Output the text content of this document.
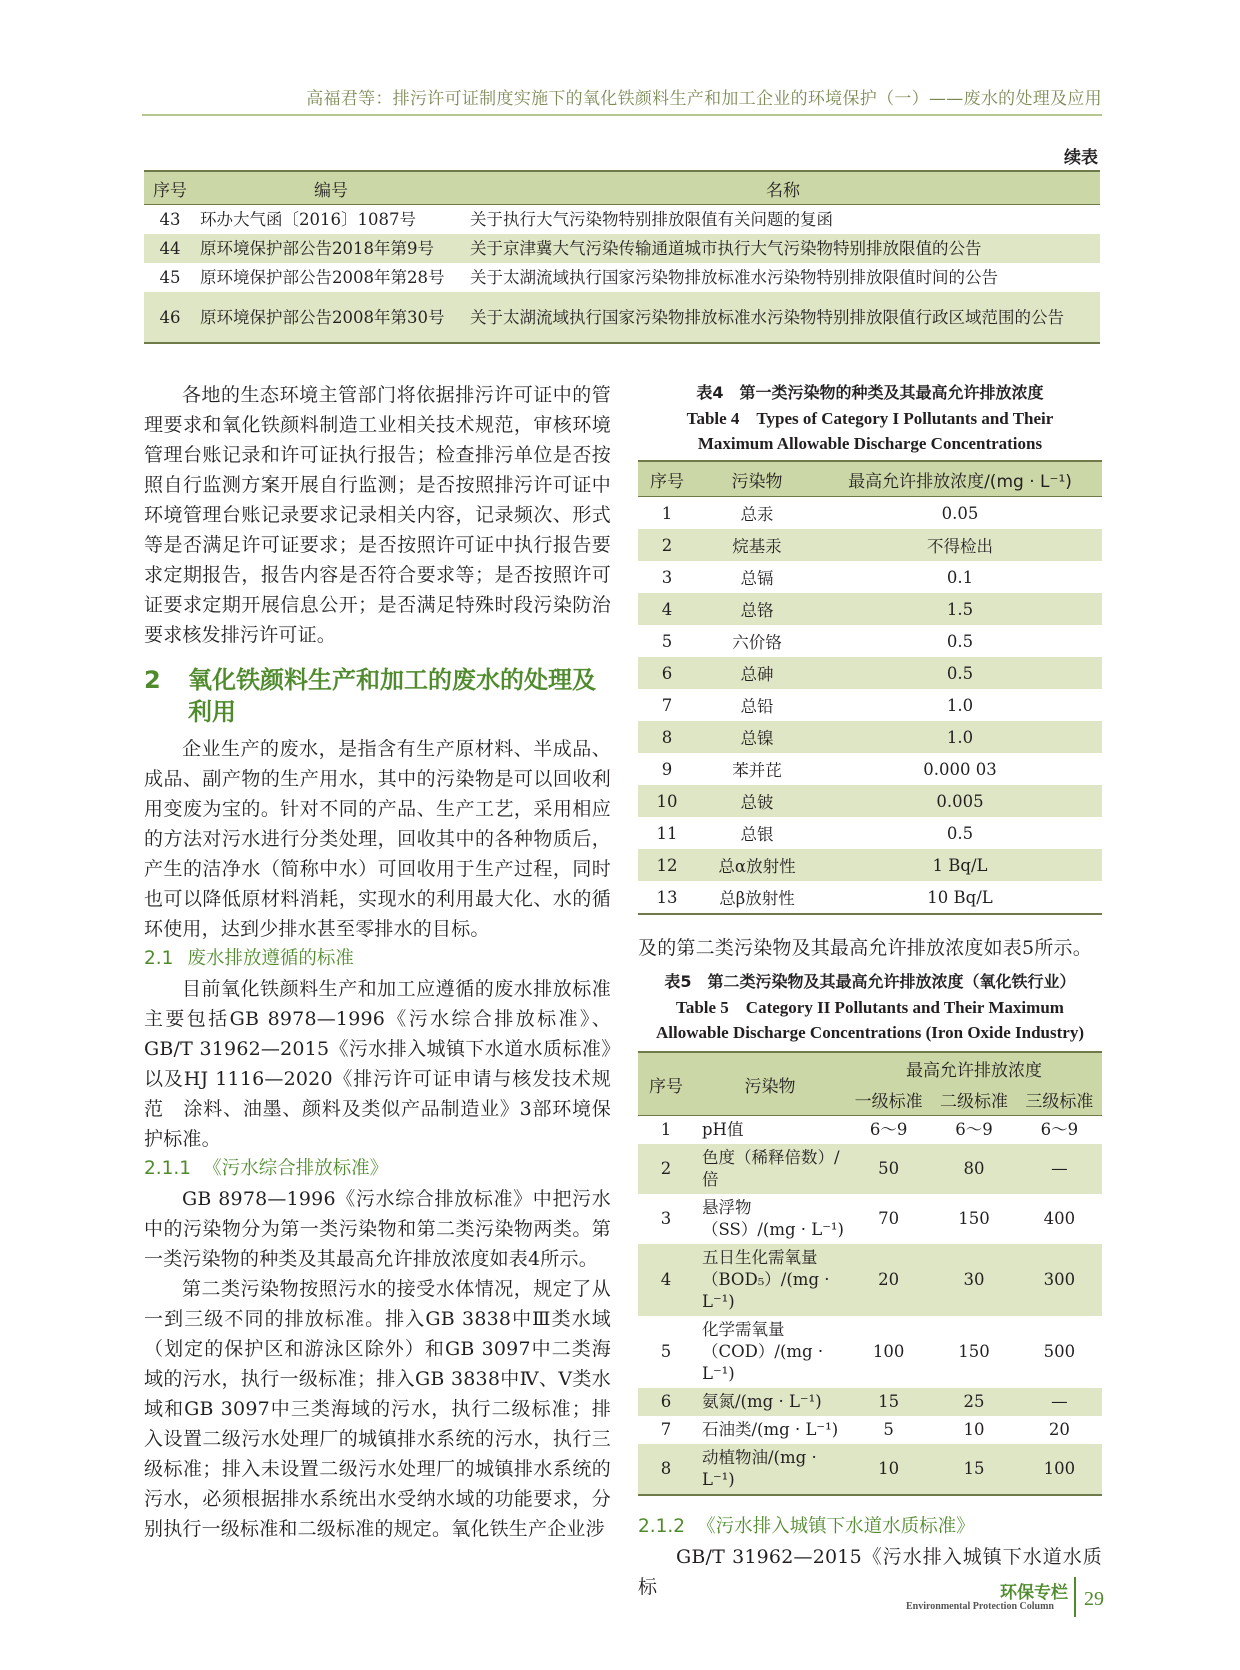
高福君等：排污许可证制度实施下的氧化铁颜料生产和加工企业的环境保护（一）——废水的处理及应用
续表
序号	编号	名称
43	环办大气函〔2016〕1087号	关于执行大气污染物特别排放限值有关问题的复函
44	原环境保护部公告2018年第9号	关于京津冀大气污染传输通道城市执行大气污染物特别排放限值的公告
45	原环境保护部公告2008年第28号	关于太湖流域执行国家污染物排放标准水污染物特别排放限值时间的公告
46	原环境保护部公告2008年第30号	关于太湖流域执行国家污染物排放标准水污染物特别排放限值行政区域范围的公告

各地的生态环境主管部门将依据排污许可证中的管理要求和氧化铁颜料制造工业相关技术规范，审核环境管理台账记录和许可证执行报告；检查排污单位是否按照自行监测方案开展自行监测；是否按照排污许可证中环境管理台账记录要求记录相关内容，记录频次、形式等是否满足许可证要求；是否按照许可证中执行报告要求定期报告，报告内容是否符合要求等；是否按照许可证要求定期开展信息公开；是否满足特殊时段污染防治要求核发排污许可证。

2	氧化铁颜料生产和加工的废水的处理及利用

企业生产的废水，是指含有生产原材料、半成品、成品、副产物的生产用水，其中的污染物是可以回收利用变废为宝的。针对不同的产品、生产工艺，采用相应的方法对污水进行分类处理，回收其中的各种物质后，产生的洁净水（简称中水）可回收用于生产过程，同时也可以降低原材料消耗，实现水的利用最大化、水的循环使用，达到少排水甚至零排水的目标。

2.1 废水排放遵循的标准

目前氧化铁颜料生产和加工应遵循的废水排放标准主要包括GB 8978—1996《污水综合排放标准》、GB/T 31962—2015《污水排入城镇下水道水质标准》以及HJ 1116—2020《排污许可证申请与核发技术规范　涂料、油墨、颜料及类似产品制造业》3部环境保护标准。

2.1.1 《污水综合排放标准》

GB 8978—1996《污水综合排放标准》中把污水中的污染物分为第一类污染物和第二类污染物两类。第一类污染物的种类及其最高允许排放浓度如表4所示。

第二类污染物按照污水的接受水体情况，规定了从一到三级不同的排放标准。排入GB 3838中Ⅲ类水域（划定的保护区和游泳区除外）和GB 3097中二类海域的污水，执行一级标准；排入GB 3838中Ⅳ、Ⅴ类水域和GB 3097中三类海域的污水，执行二级标准；排入设置二级污水处理厂的城镇排水系统的污水，执行三级标准；排入未设置二级污水处理厂的城镇排水系统的污水，必须根据排水系统出水受纳水域的功能要求，分别执行一级标准和二级标准的规定。氧化铁生产企业涉

表4　第一类污染物的种类及其最高允许排放浓度

Table 4　Types of Category I Pollutants and Their

Maximum Allowable Discharge Concentrations

序号	污染物	最高允许排放浓度/(mg · L⁻¹)
1	总汞	0.05
2	烷基汞	不得检出
3	总镉	0.1
4	总铬	1.5
5	六价铬	0.5
6	总砷	0.5
7	总铅	1.0
8	总镍	1.0
9	苯并芘	0.000 03
10	总铍	0.005
11	总银	0.5
12	总α放射性	1 Bq/L
13	总β放射性	10 Bq/L

及的第二类污染物及其最高允许排放浓度如表5所示。

表5　第二类污染物及其最高允许排放浓度（氧化铁行业）

Table 5　Category II Pollutants and Their Maximum

Allowable Discharge Concentrations (Iron Oxide Industry)

序号	污染物	最高允许排放浓度		
		一级标准	二级标准	三级标准
1	pH值	6～9	6～9	6～9
2	色度（稀释倍数）/倍	50	80	—
3	悬浮物（SS）/(mg · L⁻¹)	70	150	400
4	五日生化需氧量（BOD₅）/(mg · L⁻¹)	20	30	300
5	化学需氧量（COD）/(mg · L⁻¹)	100	150	500
6	氨氮/(mg · L⁻¹)	15	25	—
7	石油类/(mg · L⁻¹)	5	10	20
8	动植物油/(mg · L⁻¹)	10	15	100
2.1.2 《污水排入城镇下水道水质标准》

GB/T 31962—2015《污水排入城镇下水道水质标	环保专栏
Environmental Protection Column 29
